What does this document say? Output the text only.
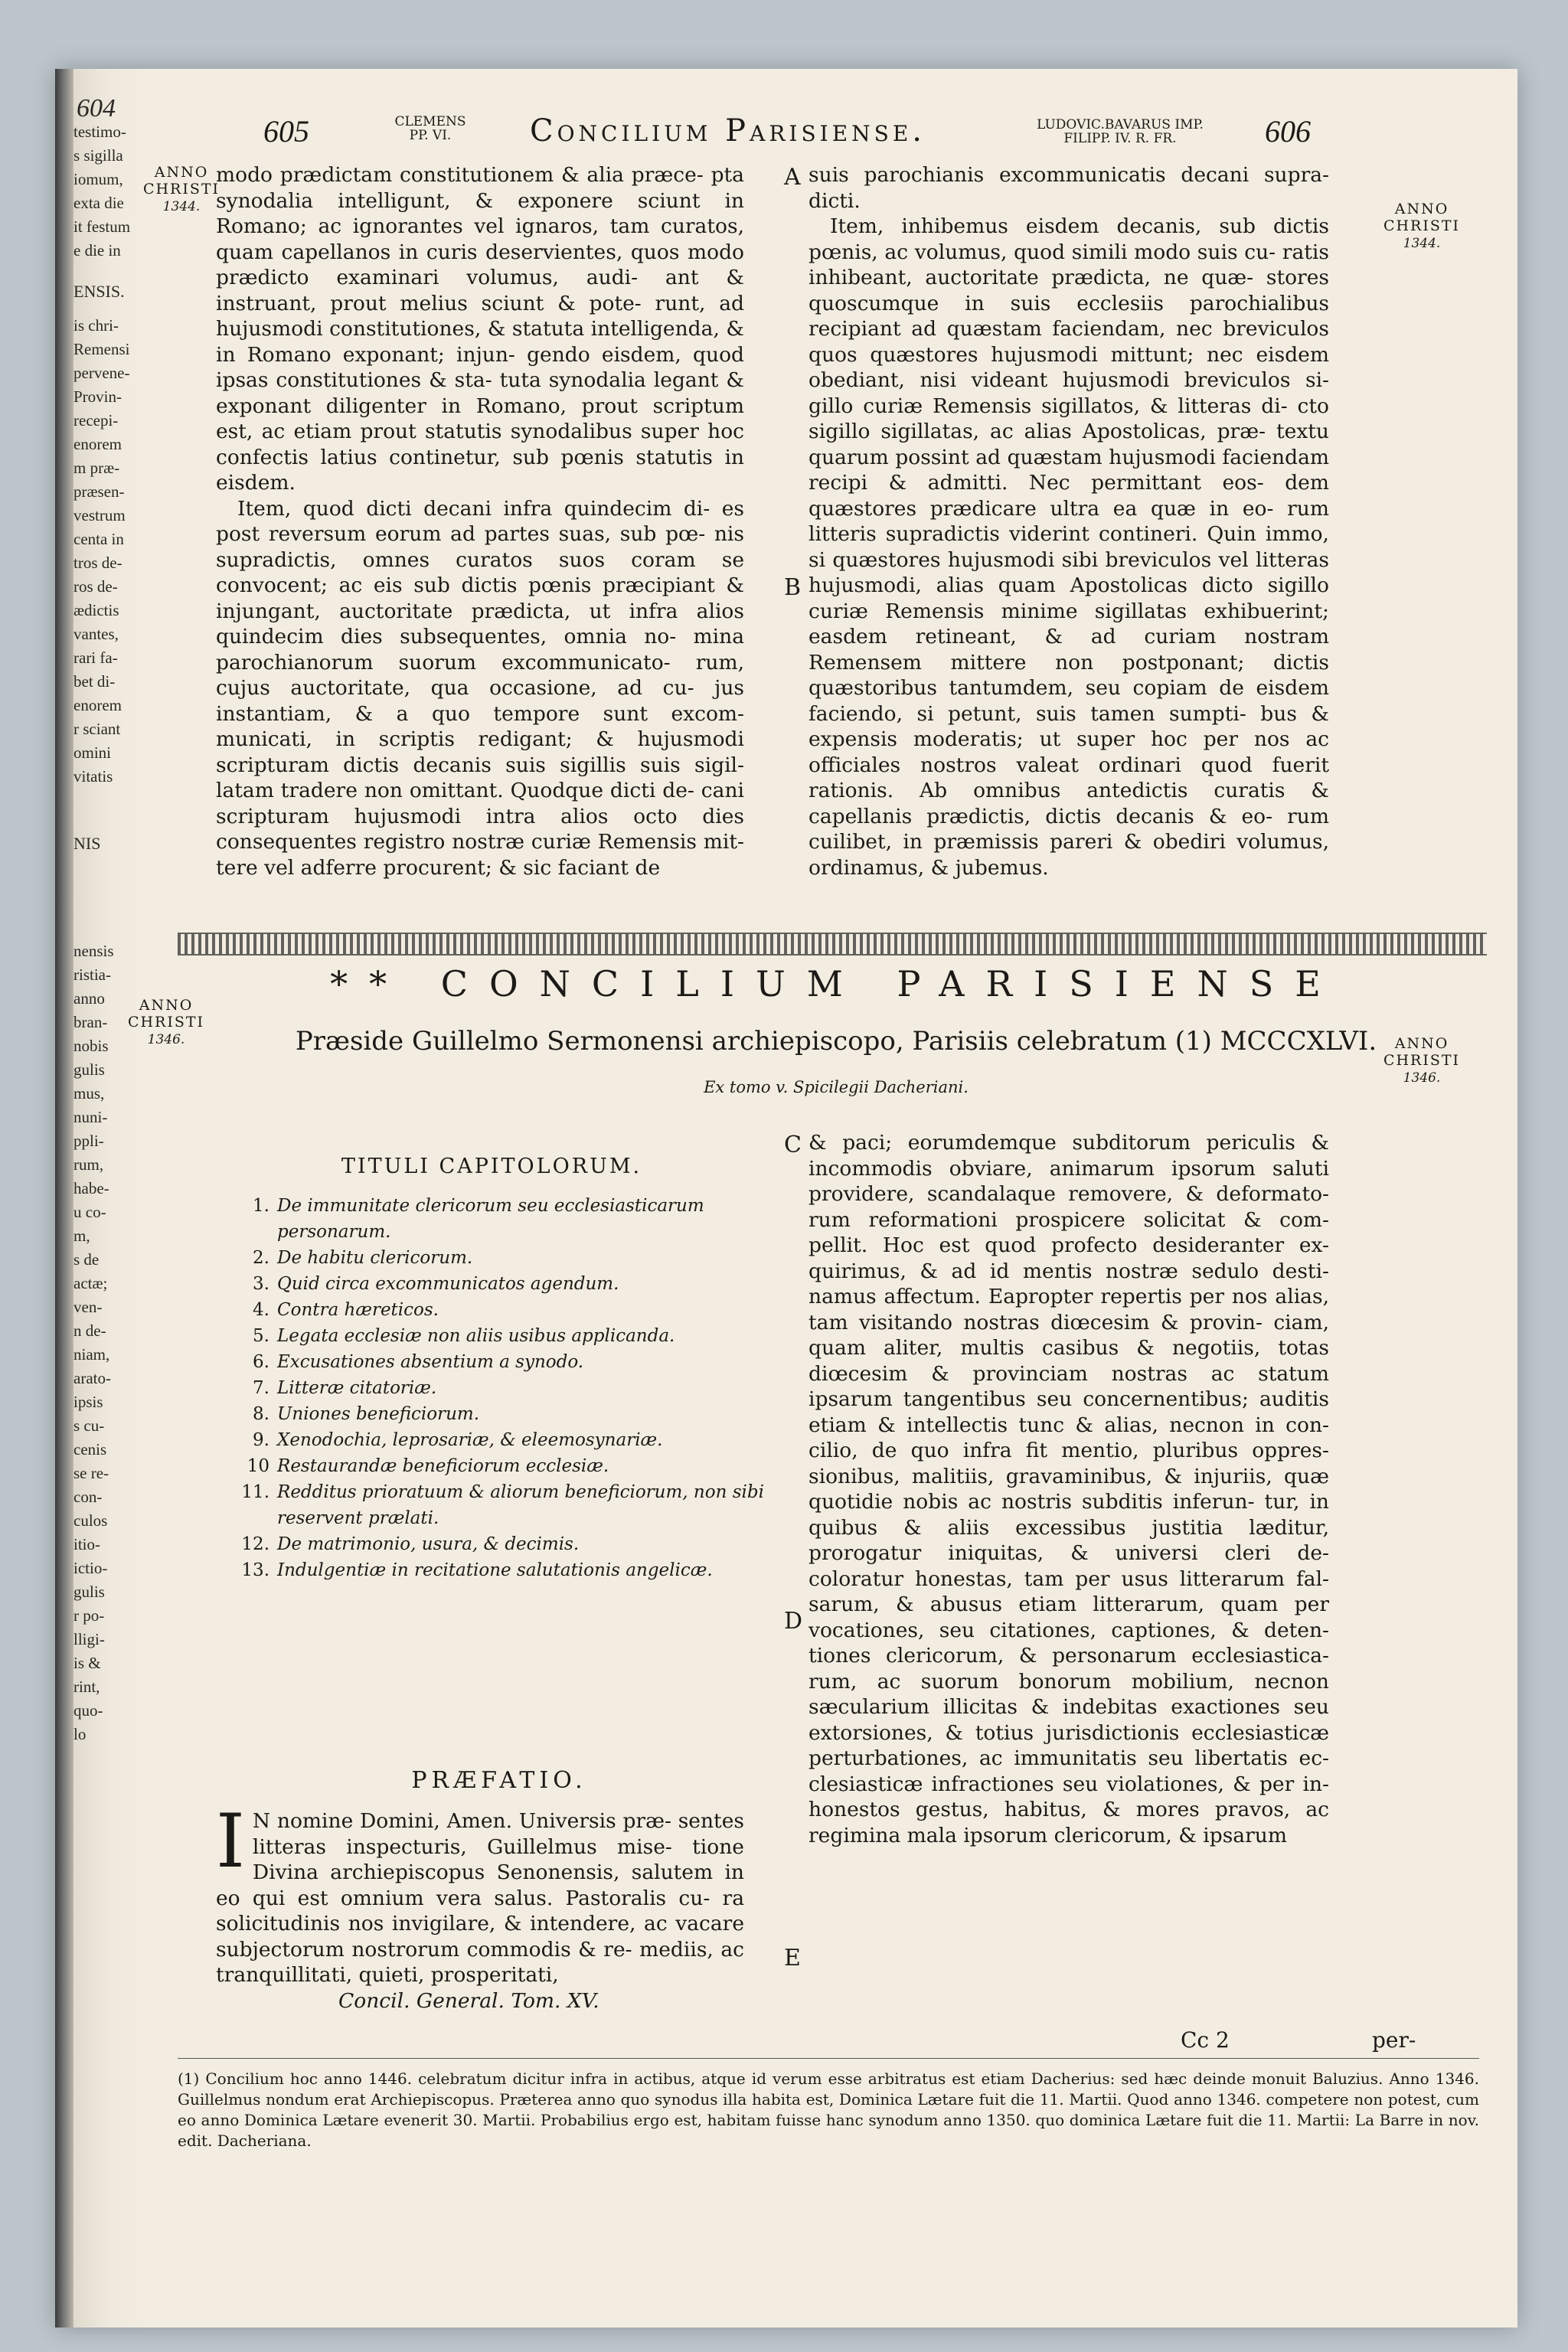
604
testimo-
s sigilla
iomum,
exta die
it festum
e die in
ENSIS.
is chri-
Remensi
pervene-
Provin-
recepi-
enorem
m præ-
præsen-
vestrum
centa in
tros de-
ros de-
ædictis
vantes,
rari fa-
bet di-
enorem
r sciant
omini
vitatis
NIS
nensis
ristia-
anno
bran-
nobis
gulis
mus,
nuni-
ppli-
rum,
habe-
u co-
m,
s de
actæ;
ven-
n de-
niam,
arato-
ipsis
s cu-
cenis
se re-
con-
culos
itio-
ictio-
gulis
r po-
lligi-
is &
rint,
quo-
lo
605	CLEMENS
PP. VI.	Concilium Parisiense.	LUDOVIC.BAVARUS IMP.
FILIPP. IV. R. FR.	606
ANNO
CHRISTI
1344.	ANNO
CHRISTI
1344.
ANNO
CHRISTI
1346.	ANNO
CHRISTI
1346.

modo prædictam constitutionem & alia præce- pta synodalia intelligunt, & exponere sciunt in Romano; ac ignorantes vel ignaros, tam curatos, quam capellanos in curis deservientes, quos modo prædicto examinari volumus, audi- ant & instruant, prout melius sciunt & pote- runt, ad hujusmodi constitutiones, & statuta intelligenda, & in Romano exponant; injun- gendo eisdem, quod ipsas constitutiones & sta- tuta synodalia legant & exponant diligenter in Romano, prout scriptum est, ac etiam prout statutis synodalibus super hoc confectis latius continetur, sub pœnis statutis in eisdem.

Item, quod dicti decani infra quindecim di- es post reversum eorum ad partes suas, sub pœ- nis supradictis, omnes curatos suos coram se convocent; ac eis sub dictis pœnis præcipiant & injungant, auctoritate prædicta, ut infra alios quindecim dies subsequentes, omnia no- mina parochianorum suorum excommunicato- rum, cujus auctoritate, qua occasione, ad cu- jus instantiam, & a quo tempore sunt excom- municati, in scriptis redigant; & hujusmodi scripturam dictis decanis suis sigillis suis sigil- latam tradere non omittant. Quodque dicti de- cani scripturam hujusmodi intra alios octo dies consequentes registro nostræ curiæ Remensis mit- tere vel adferre procurent; & sic faciant de

A
B

suis parochianis excommunicatis decani supra- dicti.

Item, inhibemus eisdem decanis, sub dictis pœnis, ac volumus, quod simili modo suis cu- ratis inhibeant, auctoritate prædicta, ne quæ- stores quoscumque in suis ecclesiis parochialibus recipiant ad quæstam faciendam, nec breviculos quos quæstores hujusmodi mittunt; nec eisdem obediant, nisi videant hujusmodi breviculos si- gillo curiæ Remensis sigillatos, & litteras di- cto sigillo sigillatas, ac alias Apostolicas, præ- textu quarum possint ad quæstam hujusmodi faciendam recipi & admitti. Nec permittant eos- dem quæstores prædicare ultra ea quæ in eo- rum litteris supradictis viderint contineri. Quin immo, si quæstores hujusmodi sibi breviculos vel litteras hujusmodi, alias quam Apostolicas dicto sigillo curiæ Remensis minime sigillatas exhibuerint; easdem retineant, & ad curiam nostram Remensem mittere non postponant; dictis quæstoribus tantumdem, seu copiam de eisdem faciendo, si petunt, suis tamen sumpti- bus & expensis moderatis; ut super hoc per nos ac officiales nostros valeat ordinari quod fuerit rationis. Ab omnibus antedictis curatis & capellanis prædictis, dictis decanis & eo- rum cuilibet, in præmissis pareri & obediri volumus, ordinamus, & jubemus.

** CONCILIUM PARISIENSE
Præside Guillelmo Sermonensi archiepiscopo, Parisiis celebratum (1) MCCCXLVI.
Ex tomo v. Spicilegii Dacheriani.
TITULI CAPITOLORUM.
1. De immunitate clericorum seu ecclesiasticarum personarum.
2. De habitu clericorum.
3. Quid circa excommunicatos agendum.
4. Contra hæreticos.
5. Legata ecclesiæ non aliis usibus applicanda.
6. Excusationes absentium a synodo.
7. Litteræ citatoriæ.
8. Uniones beneficiorum.
9. Xenodochia, leprosariæ, & eleemosynariæ.
10 Restaurandæ beneficiorum ecclesiæ.
11. Redditus prioratuum & aliorum beneficiorum, non sibi reservent prælati.
12. De matrimonio, usura, & decimis.
13. Indulgentiæ in recitatione salutationis angelicæ.
PRÆFATIO.
I N nomine Domini, Amen. Universis præ- sentes litteras inspecturis, Guillelmus mise- tione Divina archiepiscopus Senonensis, salutem in eo qui est omnium vera salus. Pastoralis cu- ra solicitudinis nos invigilare, & intendere, ac vacare subjectorum nostrorum commodis & re- mediis, ac tranquillitati, quieti, prosperitati,

Concil. General. Tom. XV.

C
D
E

& paci; eorumdemque subditorum periculis & incommodis obviare, animarum ipsorum saluti providere, scandalaque removere, & deformato- rum reformationi prospicere solicitat & com- pellit. Hoc est quod profecto desideranter ex- quirimus, & ad id mentis nostræ sedulo desti- namus affectum. Eapropter repertis per nos alias, tam visitando nostras diœcesim & provin- ciam, quam aliter, multis casibus & negotiis, totas diœcesim & provinciam nostras ac statum ipsarum tangentibus seu concernentibus; auditis etiam & intellectis tunc & alias, necnon in con- cilio, de quo infra fit mentio, pluribus oppres- sionibus, malitiis, gravaminibus, & injuriis, quæ quotidie nobis ac nostris subditis inferun- tur, in quibus & aliis excessibus justitia læditur, prorogatur iniquitas, & universi cleri de- coloratur honestas, tam per usus litterarum fal- sarum, & abusus etiam litterarum, quam per vocationes, seu citationes, captiones, & deten- tiones clericorum, & personarum ecclesiastica- rum, ac suorum bonorum mobilium, necnon sæcularium illicitas & indebitas exactiones seu extorsiones, & totius jurisdictionis ecclesiasticæ perturbationes, ac immunitatis seu libertatis ec- clesiasticæ infractiones seu violationes, & per in- honestos gestus, habitus, & mores pravos, ac regimina mala ipsorum clericorum, & ipsarum

Cc 2	per-
(1) Concilium hoc anno 1446. celebratum dicitur infra in actibus, atque id verum esse arbitratus est etiam Dacherius: sed hæc deinde monuit Baluzius. Anno 1346. Guillelmus nondum erat Archiepiscopus. Præterea anno quo synodus illa habita est, Dominica Lætare fuit die 11. Martii. Quod anno 1346. competere non potest, cum eo anno Dominica Lætare evenerit 30. Martii. Probabilius ergo est, habitam fuisse hanc synodum anno 1350. quo dominica Lætare fuit die 11. Martii: La Barre in nov. edit. Dacheriana.
